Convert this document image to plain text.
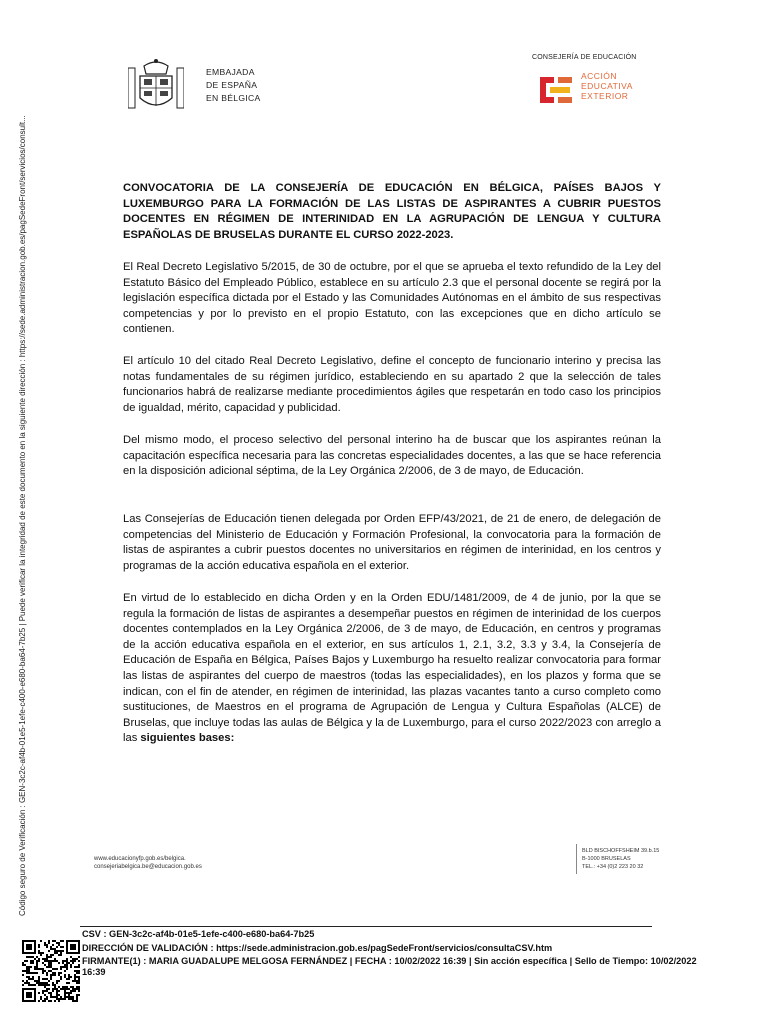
Código seguro de Verificación : GEN-3c2c-af4b-01e5-1efe-c400-e680-ba64-7b25 | Puede verificar la integridad de este documento en la siguiente dirección : https://sede.administracion.gob.es/pagSedeFront/servicios/consult...
EMBAJADA
DE ESPAÑA
EN BÉLGICA
CONSEJERÍA DE EDUCACIÓN
ACCIÓN
EDUCATIVA
EXTERIOR
CONVOCATORIA DE LA CONSEJERÍA DE EDUCACIÓN EN BÉLGICA, PAÍSES BAJOS Y LUXEMBURGO PARA LA FORMACIÓN DE LAS LISTAS DE ASPIRANTES A CUBRIR PUESTOS DOCENTES EN RÉGIMEN DE INTERINIDAD EN LA AGRUPACIÓN DE LENGUA Y CULTURA ESPAÑOLAS DE BRUSELAS DURANTE EL CURSO 2022-2023.
El Real Decreto Legislativo 5/2015, de 30 de octubre, por el que se aprueba el texto refundido de la Ley del Estatuto Básico del Empleado Público, establece en su artículo 2.3 que el personal docente se regirá por la legislación específica dictada por el Estado y las Comunidades Autónomas en el ámbito de sus respectivas competencias y por lo previsto en el propio Estatuto, con las excepciones que en dicho artículo se contienen.
El artículo 10 del citado Real Decreto Legislativo, define el concepto de funcionario interino y precisa las notas fundamentales de su régimen jurídico, estableciendo en su apartado 2 que la selección de tales funcionarios habrá de realizarse mediante procedimientos ágiles que respetarán en todo caso los principios de igualdad, mérito, capacidad y publicidad.
Del mismo modo, el proceso selectivo del personal interino ha de buscar que los aspirantes reúnan la capacitación específica necesaria para las concretas especialidades docentes, a las que se hace referencia en la disposición adicional séptima, de la Ley Orgánica 2/2006, de 3 de mayo, de Educación.
Las Consejerías de Educación tienen delegada por Orden EFP/43/2021, de 21 de enero, de delegación de competencias del Ministerio de Educación y Formación Profesional, la convocatoria para la formación de listas de aspirantes a cubrir puestos docentes no universitarios en régimen de interinidad, en los centros y programas de la acción educativa española en el exterior.
En virtud de lo establecido en dicha Orden y en la Orden EDU/1481/2009, de 4 de junio, por la que se regula la formación de listas de aspirantes a desempeñar puestos en régimen de interinidad de los cuerpos docentes contemplados en la Ley Orgánica 2/2006, de 3 de mayo, de Educación, en centros y programas de la acción educativa española en el exterior, en sus artículos 1, 2.1, 3.2, 3.3 y 3.4, la Consejería de Educación de España en Bélgica, Países Bajos y Luxemburgo ha resuelto realizar convocatoria para formar las listas de aspirantes del cuerpo de maestros (todas las especialidades), en los plazos y forma que se indican, con el fin de atender, en régimen de interinidad, las plazas vacantes tanto a curso completo como sustituciones, de Maestros en el programa de Agrupación de Lengua y Cultura Españolas (ALCE) de Bruselas, que incluye todas las aulas de Bélgica y la de Luxemburgo, para el curso 2022/2023 con arreglo a las siguientes bases:
www.educacionyfp.gob.es/belgica.
consejeriabelgica.be@educacion.gob.es
BLD BISCHOFFSHEIM 39.b.15
B-1000 BRUSELAS
TEL.: +34 (0)2 223 20 32
CSV : GEN-3c2c-af4b-01e5-1efe-c400-e680-ba64-7b25
DIRECCIÓN DE VALIDACIÓN : https://sede.administracion.gob.es/pagSedeFront/servicios/consultaCSV.htm
FIRMANTE(1) : MARIA GUADALUPE MELGOSA FERNÁNDEZ | FECHA : 10/02/2022 16:39 | Sin acción específica | Sello de Tiempo: 10/02/2022 16:39
